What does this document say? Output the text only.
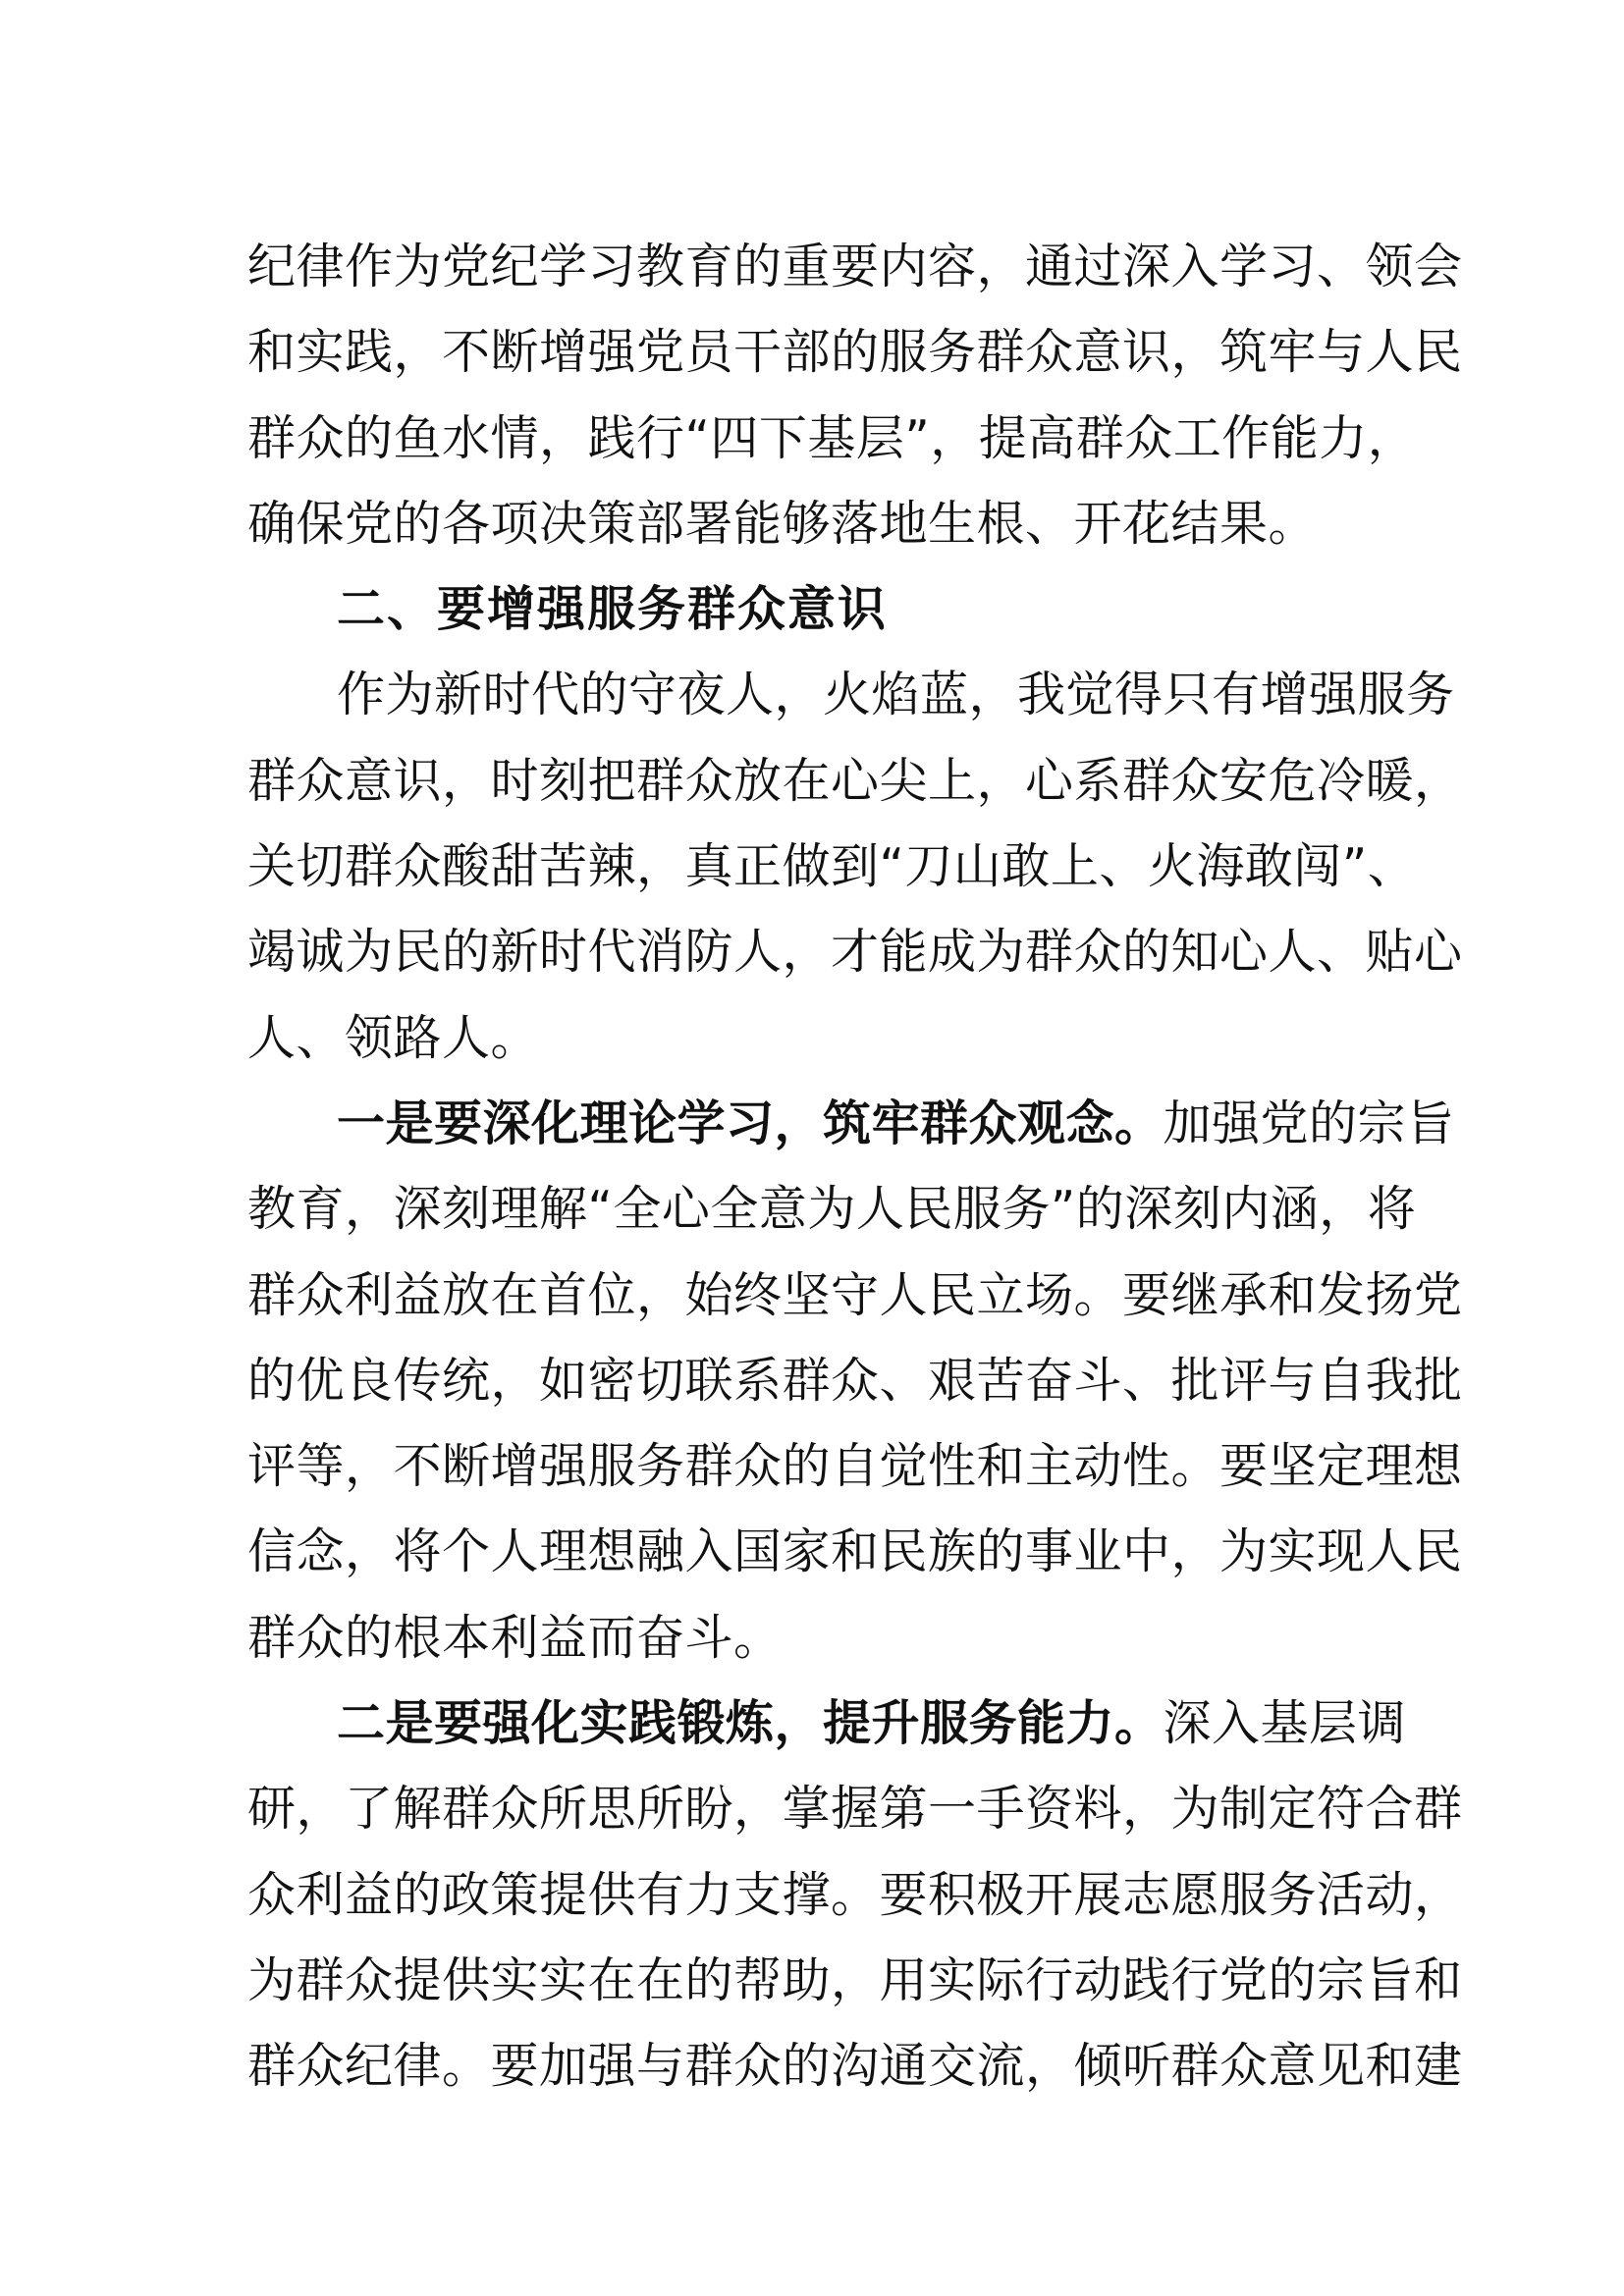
纪律作为党纪学习教育的重要内容，通过深入学习、领会
和实践，不断增强党员干部的服务群众意识，筑牢与人民
群众的鱼水情，践行“四下基层”，提高群众工作能力，
确保党的各项决策部署能够落地生根、开花结果。
二、要增强服务群众意识
作为新时代的守夜人，火焰蓝，我觉得只有增强服务
群众意识，时刻把群众放在心尖上，心系群众安危冷暖，
关切群众酸甜苦辣，真正做到“刀山敢上、火海敢闯”、
竭诚为民的新时代消防人，才能成为群众的知心人、贴心
人、领路人。
一是要深化理论学习，筑牢群众观念。加强党的宗旨
教育，深刻理解“全心全意为人民服务”的深刻内涵，将
群众利益放在首位，始终坚守人民立场。要继承和发扬党
的优良传统，如密切联系群众、艰苦奋斗、批评与自我批
评等，不断增强服务群众的自觉性和主动性。要坚定理想
信念，将个人理想融入国家和民族的事业中，为实现人民
群众的根本利益而奋斗。
二是要强化实践锻炼，提升服务能力。深入基层调
研，了解群众所思所盼，掌握第一手资料，为制定符合群
众利益的政策提供有力支撑。要积极开展志愿服务活动，
为群众提供实实在在的帮助，用实际行动践行党的宗旨和
群众纪律。要加强与群众的沟通交流，倾听群众意见和建
